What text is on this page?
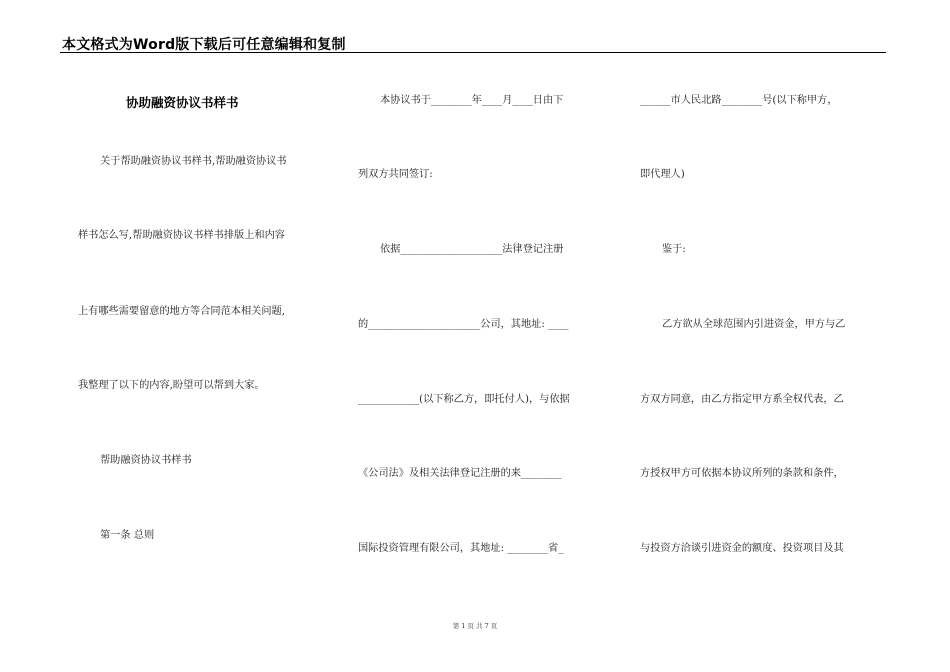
本文格式为Word版下载后可任意编辑和复制
协助融资协议书样书
关于帮助融资协议书样书,帮助融资协议书
样书怎么写,帮助融资协议书样书排版上和内容
上有哪些需要留意的地方等合同范本相关问题,
我整理了以下的内容,盼望可以帮到大家。
帮助融资协议书样书
第一条 总则
本协议书于________年____月____日由下
列双方共同签订:
依据____________________法律登记注册
的______________________公司，其地址: ____
____________(以下称乙方，即托付人)，与依据
《公司法》及相关法律登记注册的来________
国际投资管理有限公司，其地址: ________省_
______市人民北路________号(以下称甲方，
即代理人)
鉴于:
乙方欲从全球范围内引进资金，甲方与乙
方双方同意，由乙方指定甲方系全权代表，乙
方授权甲方可依据本协议所列的条款和条件，
与投资方洽谈引进资金的额度、投资项目及其
第 1 页 共 7 页
